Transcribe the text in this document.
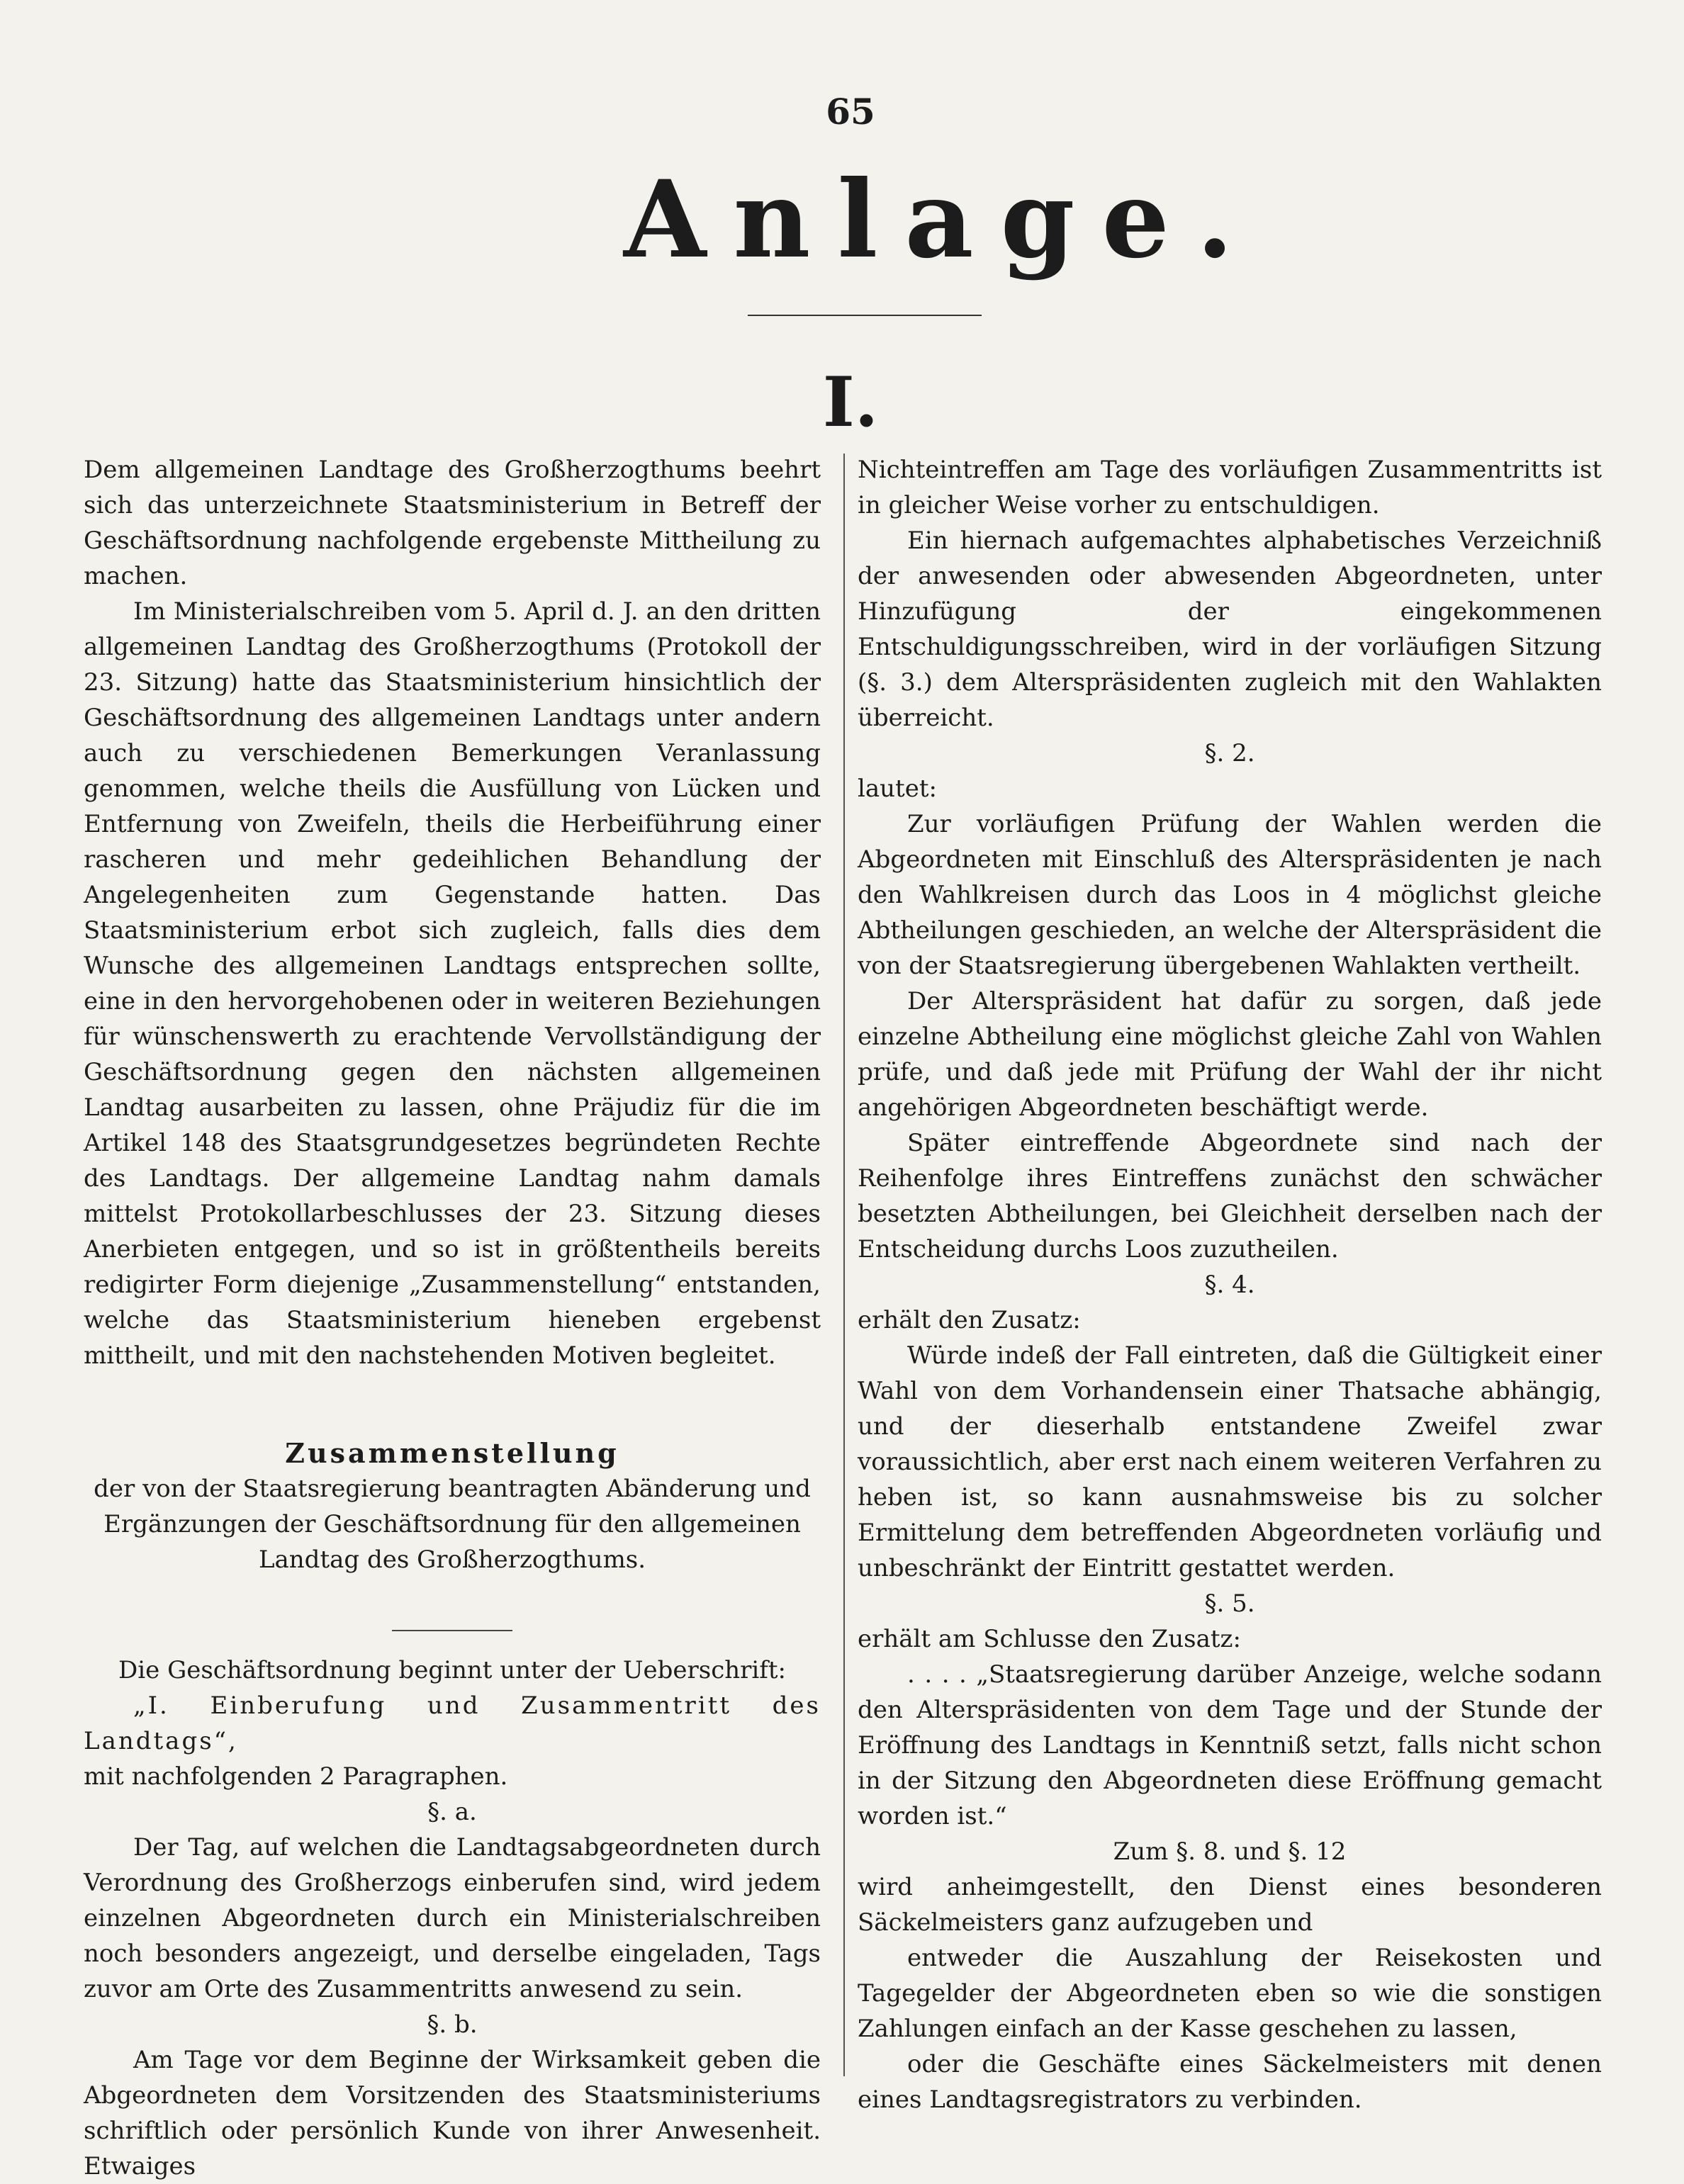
65
Anlage.
I.

Dem allgemeinen Landtage des Großherzogthums beehrt sich das unterzeichnete Staatsministerium in Betreff der Geschäftsordnung nachfolgende ergebenste Mittheilung zu machen.

Im Ministerialschreiben vom 5. April d. J. an den dritten allgemeinen Landtag des Großherzogthums (Protokoll der 23. Sitzung) hatte das Staatsministerium hinsichtlich der Geschäftsordnung des allgemeinen Landtags unter andern auch zu verschiedenen Bemerkungen Veranlassung genommen, welche theils die Ausfüllung von Lücken und Entfernung von Zweifeln, theils die Herbeiführung einer rascheren und mehr gedeihlichen Behandlung der Angelegenheiten zum Gegenstande hatten. Das Staatsministerium erbot sich zugleich, falls dies dem Wunsche des allgemeinen Landtags entsprechen sollte, eine in den hervorgehobenen oder in weiteren Beziehungen für wünschenswerth zu erachtende Vervollständigung der Geschäftsordnung gegen den nächsten allgemeinen Landtag ausarbeiten zu lassen, ohne Präjudiz für die im Artikel 148 des Staatsgrundgesetzes begründeten Rechte des Landtags. Der allgemeine Landtag nahm damals mittelst Protokollarbeschlusses der 23. Sitzung dieses Anerbieten entgegen, und so ist in größtentheils bereits redigirter Form diejenige „Zusammenstellung“ entstanden, welche das Staatsministerium hieneben ergebenst mittheilt, und mit den nachstehenden Motiven begleitet.

Zusammenstellung

der von der Staatsregierung beantragten Abänderung und Ergänzungen der Geschäftsordnung für den allgemeinen Landtag des Großherzogthums.

Die Geschäftsordnung beginnt unter der Ueberschrift:

„I. Einberufung und Zusammentritt des Landtags“,

mit nachfolgenden 2 Paragraphen.

§. a.

Der Tag, auf welchen die Landtagsabgeordneten durch Verordnung des Großherzogs einberufen sind, wird jedem einzelnen Abgeordneten durch ein Ministerialschreiben noch besonders angezeigt, und derselbe eingeladen, Tags zuvor am Orte des Zusammentritts anwesend zu sein.

§. b.

Am Tage vor dem Beginne der Wirksamkeit geben die Abgeordneten dem Vorsitzenden des Staatsministeriums schriftlich oder persönlich Kunde von ihrer Anwesenheit. Etwaiges

Nichteintreffen am Tage des vorläufigen Zusammentritts ist in gleicher Weise vorher zu entschuldigen.

Ein hiernach aufgemachtes alphabetisches Verzeichniß der anwesenden oder abwesenden Abgeordneten, unter Hinzufügung der eingekommenen Entschuldigungsschreiben, wird in der vorläufigen Sitzung (§. 3.) dem Alterspräsidenten zugleich mit den Wahlakten überreicht.

§. 2.

lautet:

Zur vorläufigen Prüfung der Wahlen werden die Abgeordneten mit Einschluß des Alterspräsidenten je nach den Wahlkreisen durch das Loos in 4 möglichst gleiche Abtheilungen geschieden, an welche der Alterspräsident die von der Staatsregierung übergebenen Wahlakten vertheilt.

Der Alterspräsident hat dafür zu sorgen, daß jede einzelne Abtheilung eine möglichst gleiche Zahl von Wahlen prüfe, und daß jede mit Prüfung der Wahl der ihr nicht angehörigen Abgeordneten beschäftigt werde.

Später eintreffende Abgeordnete sind nach der Reihenfolge ihres Eintreffens zunächst den schwächer besetzten Abtheilungen, bei Gleichheit derselben nach der Entscheidung durchs Loos zuzutheilen.

§. 4.

erhält den Zusatz:

Würde indeß der Fall eintreten, daß die Gültigkeit einer Wahl von dem Vorhandensein einer Thatsache abhängig, und der dieserhalb entstandene Zweifel zwar voraussichtlich, aber erst nach einem weiteren Verfahren zu heben ist, so kann ausnahmsweise bis zu solcher Ermittelung dem betreffenden Abgeordneten vorläufig und unbeschränkt der Eintritt gestattet werden.

§. 5.

erhält am Schlusse den Zusatz:

. . . . „Staatsregierung darüber Anzeige, welche sodann den Alterspräsidenten von dem Tage und der Stunde der Eröffnung des Landtags in Kenntniß setzt, falls nicht schon in der Sitzung den Abgeordneten diese Eröffnung gemacht worden ist.“

Zum §. 8. und §. 12

wird anheimgestellt, den Dienst eines besonderen Säckelmeisters ganz aufzugeben und

entweder die Auszahlung der Reisekosten und Tagegelder der Abgeordneten eben so wie die sonstigen Zahlungen einfach an der Kasse geschehen zu lassen,

oder die Geschäfte eines Säckelmeisters mit denen eines Landtagsregistrators zu verbinden.
